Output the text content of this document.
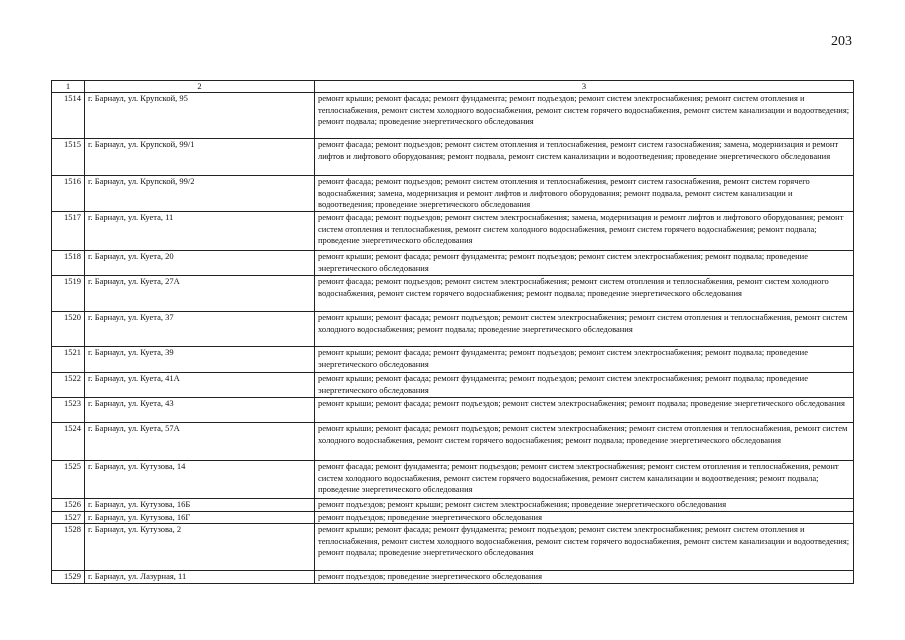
203
1	2	3
1514	г. Барнаул, ул. Крупской, 95	ремонт крыши; ремонт фасада; ремонт фундамента; ремонт подъездов; ремонт систем электроснабжения; ремонт систем отопления и теплоснабжения, ремонт систем холодного водоснабжения, ремонт систем горячего водоснабжения, ремонт систем канализации и водоотведения; ремонт подвала; проведение энергетического обследования
1515	г. Барнаул, ул. Крупской, 99/1	ремонт фасада; ремонт подъездов; ремонт систем отопления и теплоснабжения, ремонт систем газоснабжения; замена, модернизация и ремонт лифтов и лифтового оборудования; ремонт подвала, ремонт систем канализации и водоотведения; проведение энергетического обследования
1516	г. Барнаул, ул. Крупской, 99/2	ремонт фасада; ремонт подъездов; ремонт систем отопления и теплоснабжения, ремонт систем газоснабжения, ремонт систем горячего водоснабжения; замена, модернизация и ремонт лифтов и лифтового оборудования; ремонт подвала, ремонт систем канализации и водоотведения; проведение энергетического обследования
1517	г. Барнаул, ул. Куета, 11	ремонт фасада; ремонт подъездов; ремонт систем электроснабжения; замена, модернизация и ремонт лифтов и лифтового оборудования; ремонт систем отопления и теплоснабжения, ремонт систем холодного водоснабжения, ремонт систем горячего водоснабжения; ремонт подвала; проведение энергетического обследования
1518	г. Барнаул, ул. Куета, 20	ремонт крыши; ремонт фасада; ремонт фундамента; ремонт подъездов; ремонт систем электроснабжения; ремонт подвала; проведение энергетического обследования
1519	г. Барнаул, ул. Куета, 27А	ремонт фасада; ремонт подъездов; ремонт систем электроснабжения; ремонт систем отопления и теплоснабжения, ремонт систем холодного водоснабжения, ремонт систем горячего водоснабжения; ремонт подвала; проведение энергетического обследования
1520	г. Барнаул, ул. Куета, 37	ремонт крыши; ремонт фасада; ремонт подъездов; ремонт систем электроснабжения; ремонт систем отопления и теплоснабжения, ремонт систем холодного водоснабжения; ремонт подвала; проведение энергетического обследования
1521	г. Барнаул, ул. Куета, 39	ремонт крыши; ремонт фасада; ремонт фундамента; ремонт подъездов; ремонт систем электроснабжения; ремонт подвала; проведение энергетического обследования
1522	г. Барнаул, ул. Куета, 41А	ремонт крыши; ремонт фасада; ремонт фундамента; ремонт подъездов; ремонт систем электроснабжения; ремонт подвала; проведение энергетического обследования
1523	г. Барнаул, ул. Куета, 43	ремонт крыши; ремонт фасада; ремонт подъездов; ремонт систем электроснабжения; ремонт подвала; проведение энергетического обследования
1524	г. Барнаул, ул. Куета, 57А	ремонт крыши; ремонт фасада; ремонт подъездов; ремонт систем электроснабжения; ремонт систем отопления и теплоснабжения, ремонт систем холодного водоснабжения, ремонт систем горячего водоснабжения; ремонт подвала; проведение энергетического обследования
1525	г. Барнаул, ул. Кутузова, 14	ремонт фасада; ремонт фундамента; ремонт подъездов; ремонт систем электроснабжения; ремонт систем отопления и теплоснабжения, ремонт систем холодного водоснабжения, ремонт систем горячего водоснабжения, ремонт систем канализации и водоотведения; ремонт подвала; проведение энергетического обследования
1526	г. Барнаул, ул. Кутузова, 16Б	ремонт подъездов; ремонт крыши; ремонт систем электроснабжения; проведение энергетического обследования
1527	г. Барнаул, ул. Кутузова, 16Г	ремонт подъездов; проведение энергетического обследования
1528	г. Барнаул, ул. Кутузова, 2	ремонт крыши; ремонт фасада; ремонт фундамента; ремонт подъездов; ремонт систем электроснабжения; ремонт систем отопления и теплоснабжения, ремонт систем холодного водоснабжения, ремонт систем горячего водоснабжения, ремонт систем канализации и водоотведения; ремонт подвала; проведение энергетического обследования
1529	г. Барнаул, ул. Лазурная, 11	ремонт подъездов; проведение энергетического обследования
